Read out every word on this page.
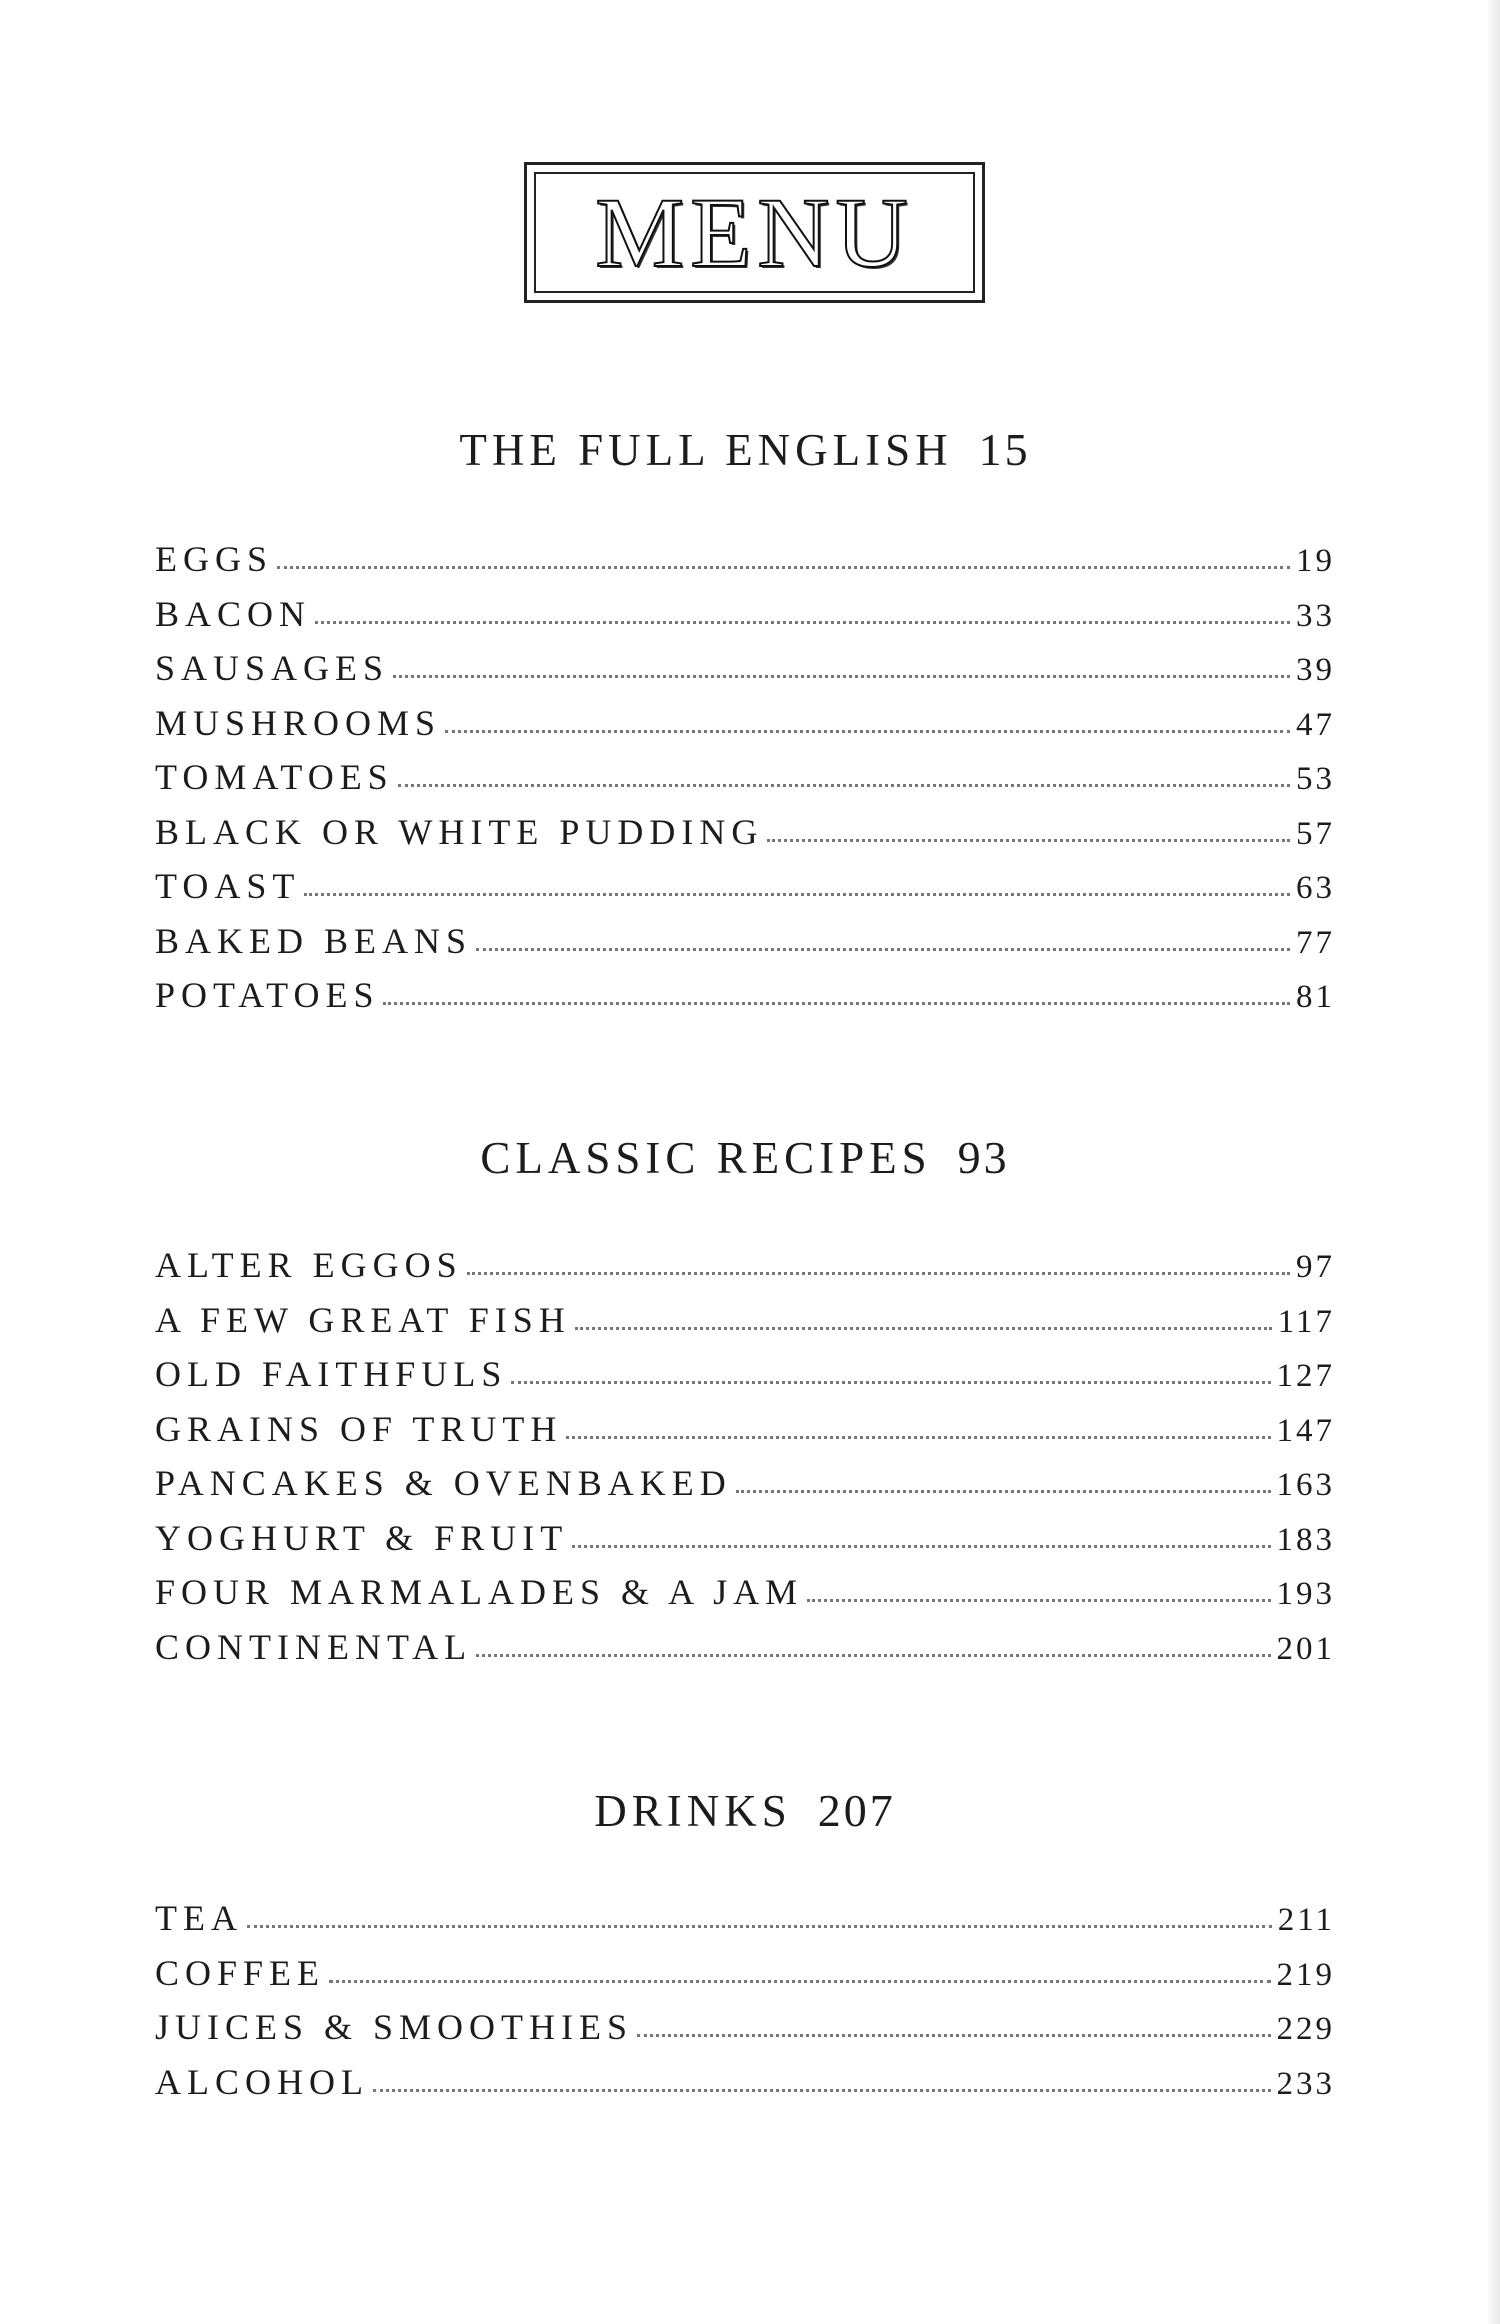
MENU
THE FULL ENGLISH 15
EGGS	19
BACON	33
SAUSAGES	39
MUSHROOMS	47
TOMATOES	53
BLACK OR WHITE PUDDING	57
TOAST	63
BAKED BEANS	77
POTATOES	81
CLASSIC RECIPES 93
ALTER EGGOS	97
A FEW GREAT FISH	117
OLD FAITHFULS	127
GRAINS OF TRUTH	147
PANCAKES & OVENBAKED	163
YOGHURT & FRUIT	183
FOUR MARMALADES & A JAM	193
CONTINENTAL	201
DRINKS 207
TEA	211
COFFEE	219
JUICES & SMOOTHIES	229
ALCOHOL	233
